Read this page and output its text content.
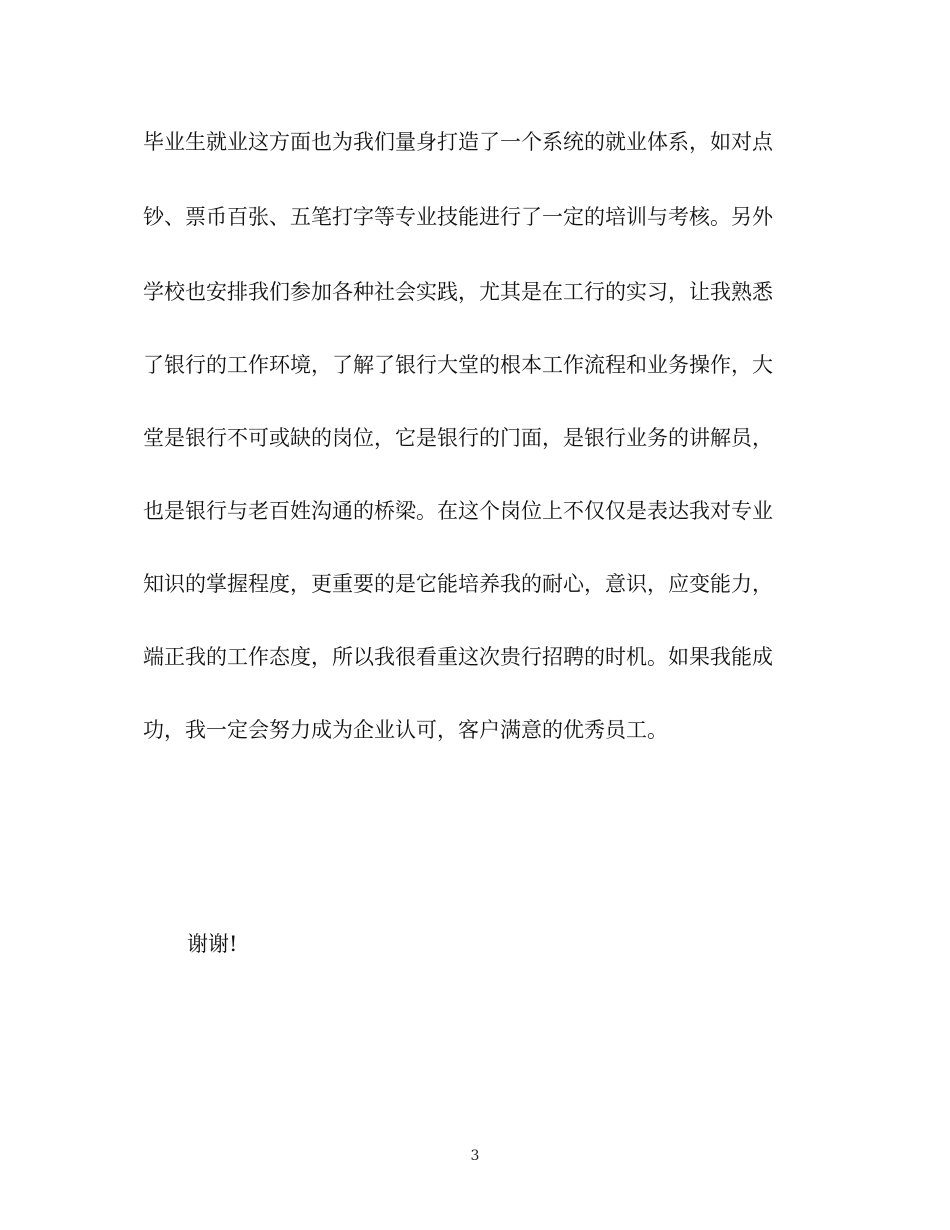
毕业生就业这方面也为我们量身打造了一个系统的就业体系，如对点
钞、票币百张、五笔打字等专业技能进行了一定的培训与考核。另外
学校也安排我们参加各种社会实践，尤其是在工行的实习，让我熟悉
了银行的工作环境，了解了银行大堂的根本工作流程和业务操作，大
堂是银行不可或缺的岗位，它是银行的门面，是银行业务的讲解员，
也是银行与老百姓沟通的桥梁。在这个岗位上不仅仅是表达我对专业
知识的掌握程度，更重要的是它能培养我的耐心，意识，应变能力，
端正我的工作态度，所以我很看重这次贵行招聘的时机。如果我能成
功，我一定会努力成为企业认可，客户满意的优秀员工。
谢谢!
3
